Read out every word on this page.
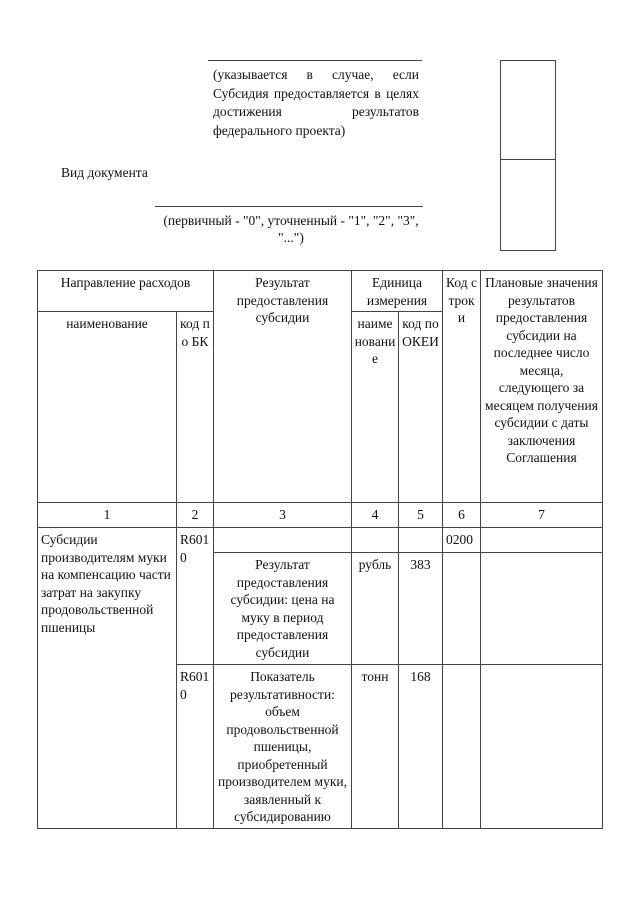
(указывается в случае, если Субсидия предоставляется в целях достижения результатов федерального проекта)
Вид документа
(первичный - "0", уточненный - "1", "2", "3", "...")
Направление расходов		Результат предоставления субсидии	Единица измерения		Код строки	Плановые значения результатов предоставления субсидии на последнее число месяца, следующего за месяцем получения субсидии с даты заключения Соглашения
наименование	код по БК		наименование	код по ОКЕИ		
1	2	3	4	5	6	7
Субсидии производителям муки на компенсацию части затрат на закупку продовольственной пшеницы	R6010				0200	
		Результат предоставления субсидии: цена на муку в период предоставления субсидии	рубль	383		
	R6010	Показатель результативности: объем продовольственной пшеницы, приобретенный производителем муки, заявленный к субсидированию	тонн	168		
